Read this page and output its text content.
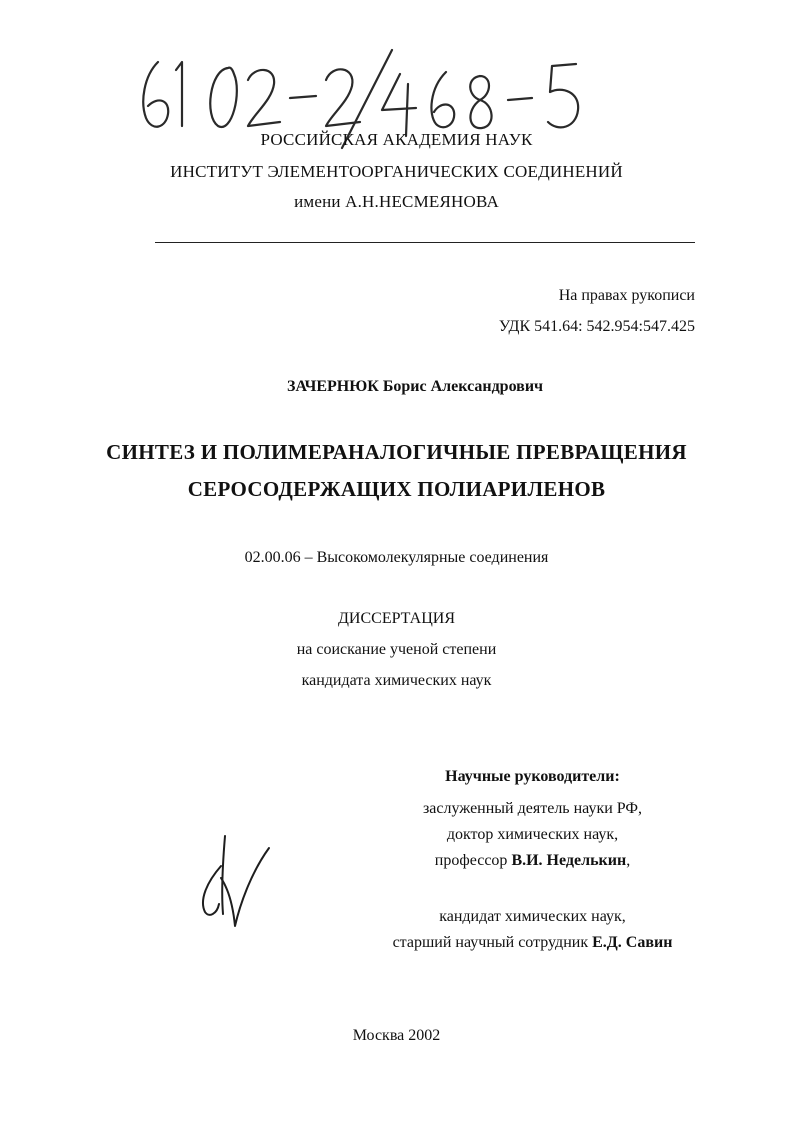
РОССИЙСКАЯ АКАДЕМИЯ НАУК
ИНСТИТУТ ЭЛЕМЕНТООРГАНИЧЕСКИХ СОЕДИНЕНИЙ
имени А.Н.НЕСМЕЯНОВА
На правах рукописи
УДК 541.64: 542.954:547.425
ЗАЧЕРНЮК Борис Александрович
СИНТЕЗ И ПОЛИМЕРАНАЛОГИЧНЫЕ ПРЕВРАЩЕНИЯ
СЕРОСОДЕРЖАЩИХ ПОЛИАРИЛЕНОВ
02.00.06 – Высокомолекулярные соединения
ДИССЕРТАЦИЯ
на соискание ученой степени
кандидата химических наук
Научные руководители:
заслуженный деятель науки РФ,
доктор химических наук,
профессор В.И. Неделькин,
кандидат химических наук,
старший научный сотрудник Е.Д. Савин
Москва 2002
